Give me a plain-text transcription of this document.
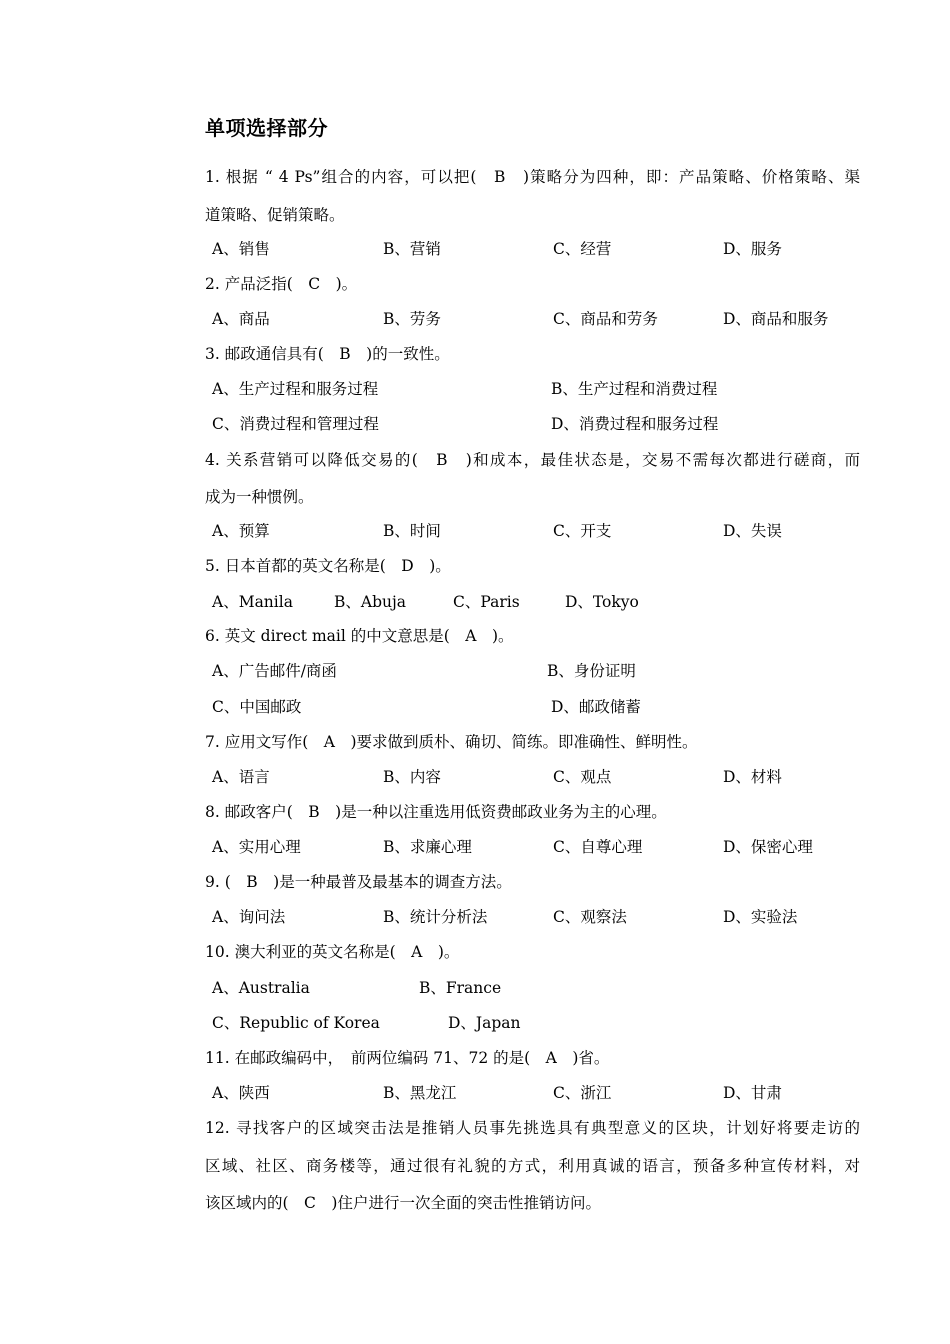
单项选择部分
1. 根据 “ 4 Ps”组合的内容，可以把(　B　)策略分为四种，即：产品策略、价格策略、渠
道策略、促销策略。
A、销售	B、营销	C、经营	D、服务
2. 产品泛指(　C　)。
A、商品	B、劳务	C、商品和劳务	D、商品和服务
3. 邮政通信具有(　B　)的一致性。
A、生产过程和服务过程	B、生产过程和消费过程
C、消费过程和管理过程	D、消费过程和服务过程
4. 关系营销可以降低交易的(　B　)和成本，最佳状态是，交易不需每次都进行磋商，而
成为一种惯例。
A、预算	B、时间	C、开支	D、失误
5. 日本首都的英文名称是(　D　)。
A、Manila	B、Abuja	C、Paris	D、Tokyo
6. 英文 direct mail 的中文意思是(　A　)。
A、广告邮件/商函	B、身份证明
C、中国邮政	D、邮政储蓄
7. 应用文写作(　A　)要求做到质朴、确切、简练。即准确性、鲜明性。
A、语言	B、内容	C、观点	D、材料
8. 邮政客户(　B　)是一种以注重选用低资费邮政业务为主的心理。
A、实用心理	B、求廉心理	C、自尊心理	D、保密心理
9. (　B　)是一种最普及最基本的调查方法。
A、询问法	B、统计分析法	C、观察法	D、实验法
10. 澳大利亚的英文名称是(　A　)。
A、Australia	B、France
C、Republic of Korea	D、Japan
11. 在邮政编码中，　前两位编码 71、72 的是(　A　)省。
A、陕西	B、黑龙江	C、浙江	D、甘肃
12. 寻找客户的区域突击法是推销人员事先挑选具有典型意义的区块，计划好将要走访的
区域、社区、商务楼等，通过很有礼貌的方式，利用真诚的语言，预备多种宣传材料，对
该区域内的(　C　)住户进行一次全面的突击性推销访问。
